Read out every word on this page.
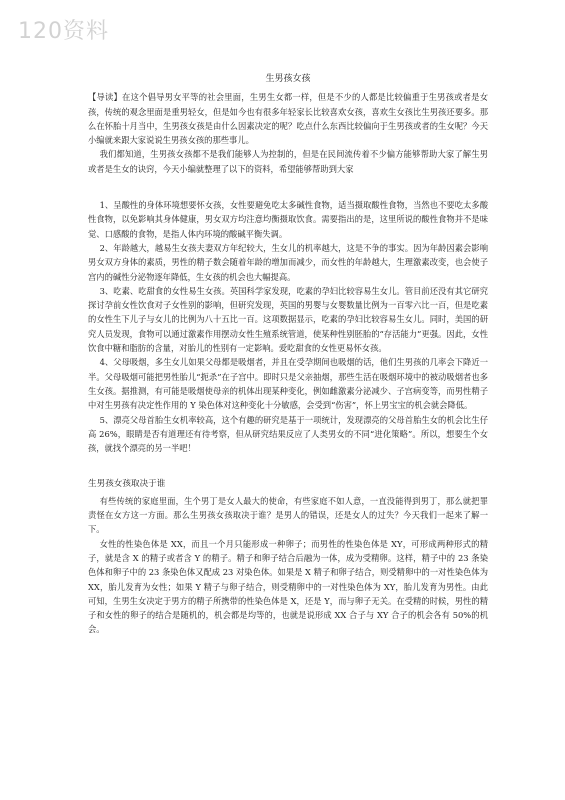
120资料
生男孩女孩

【导读】在这个倡导男女平等的社会里面，生男生女都一样，但是不少的人都是比较偏重于生男孩或者是女孩，传统的观念里面是重男轻女，但是如今也有很多年轻家长比较喜欢女孩，喜欢生女孩比生男孩还要多。那么在怀胎十月当中，生男孩女孩是由什么因素决定的呢？吃点什么东西比较偏向于生男孩或者的生女呢？今天小编就来跟大家说说生男孩女孩的那些事儿。

我们都知道，生男孩女孩都不是我们能够人为控制的，但是在民间流传着不少偏方能够帮助大家了解生男或者是生女的诀窍，今天小编就整理了以下的资料，希望能够帮助到大家

1、呈酸性的身体环境想要怀女孩，女性要避免吃太多碱性食物，适当摄取酸性食物，当然也不要吃太多酸性食物，以免影响其身体健康，男女双方均注意均衡摄取饮食。需要指出的是，这里所说的酸性食物并不是味觉、口感酸的食物，是指人体内环境的酸碱平衡失调。

2、年龄越大，越易生女孩夫妻双方年纪较大，生女儿的机率越大，这是不争的事实。因为年龄因素会影响男女双方身体的素质，男性的精子数会随着年龄的增加而减少，而女性的年龄越大，生理激素改变，也会使子宫内的碱性分泌物逐年降低，生女孩的机会也大幅提高。

3、吃素、吃甜食的女性易生女孩。英国科学家发现，吃素的孕妇比较容易生女儿。管目前还没有其它研究探讨孕前女性饮食对子女性别的影响，但研究发现，英国的男婴与女婴数量比例为一百零六比一百，但是吃素的女性生下儿子与女儿的比例为八十五比一百。这项数据显示，吃素的孕妇比较容易生女儿。同时，美国的研究人员发现，食物可以通过激素作用摆动女性生殖系统管道，使某种性别胚胎的“存活能力”更强。因此，女性饮食中糖和脂肪的含量，对胎儿的性别有一定影响。爱吃甜食的女性更易怀女孩。

4、父母吸烟，多生女儿如果父母都是吸烟者，并且在受孕期间也吸烟的话，他们生男孩的几率会下降近一半。父母吸烟可能把男性胎儿“扼杀”在子宫中。即时只是父亲抽烟，那些生活在吸烟环境中的被动吸烟者也多生女孩。据推测，有可能是吸烟使母亲的机体出现某种变化，例如雌激素分泌减少、子宫病变等，而男性精子中对生男孩有决定性作用的 Y 染色体对这种变化十分敏感，会受到“伤害”，怀上男宝宝的机会就会降低。

5、漂亮父母首胎生女机率较高，这个有趣的研究是基于一项统计，发现漂亮的父母首胎生女的机会比生仔高 26%，眼睛是否有道理还有待考察，但从研究结果反应了人类男女的不同“进化策略”。所以，想要生个女孩，就找个漂亮的另一半吧！

生男孩女孩取决于谁

有些传统的家庭里面，生个男丁是女人最大的使命，有些家庭不如人意，一直没能得到男丁，那么就把罪责怪在女方这一方面。那么生男孩女孩取决于谁？是男人的错误，还是女人的过失？今天我们一起来了解一下。

女性的性染色体是 XX，而且一个月只能形成一种卵子；而男性的性染色体是 XY，可形成两种形式的精子，就是含 X 的精子或者含 Y 的精子。精子和卵子结合后融为一体，成为受精卵。这样，精子中的 23 条染色体和卵子中的 23 条染色体又配成 23 对染色体。如果是 X 精子和卵子结合，则受精卵中的一对性染色体为 XX，胎儿发育为女性；如果 Y 精子与卵子结合，则受精卵中的一对性染色体为 XY，胎儿发育为男性。由此可知，生男生女决定于男方的精子所携带的性染色体是 X，还是 Y，而与卵子无关。在受精的时候，男性的精子和女性的卵子的结合是随机的，机会都是均等的，也就是说形成 XX 合子与 XY 合子的机会各有 50%的机会。
